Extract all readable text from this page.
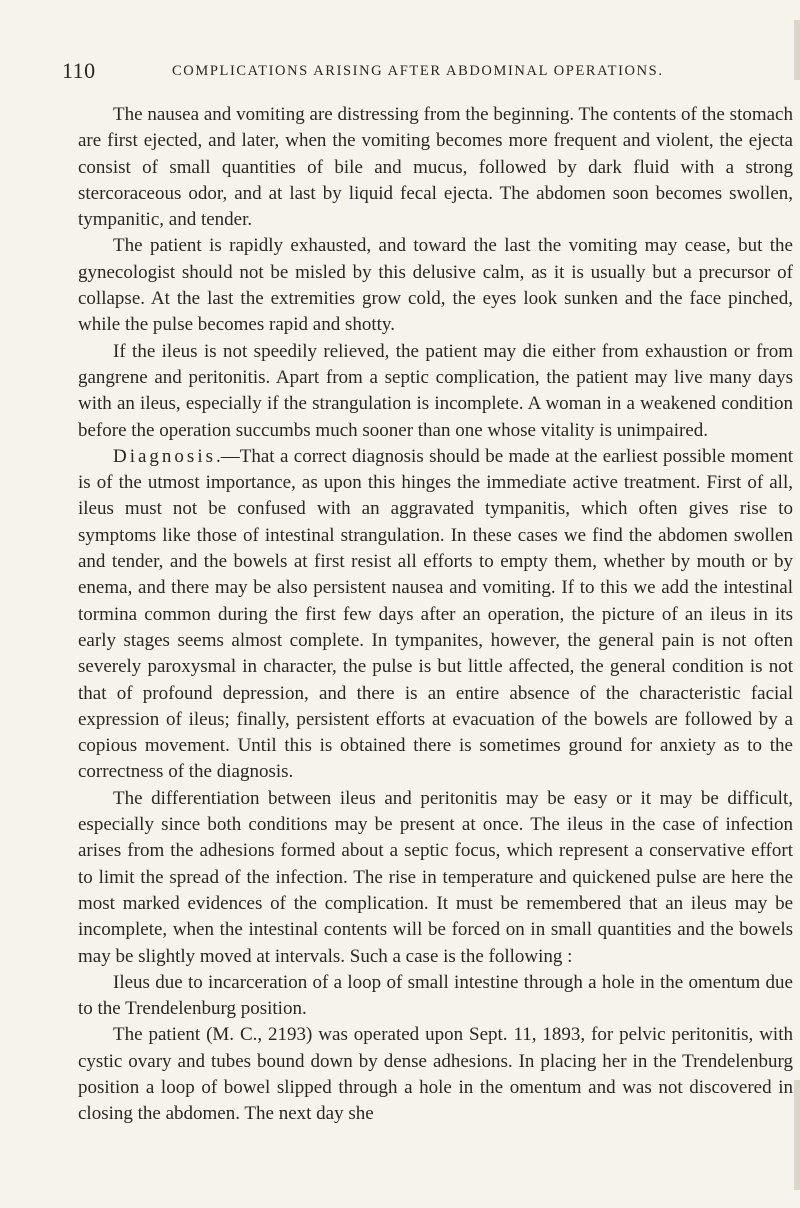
110	COMPLICATIONS ARISING AFTER ABDOMINAL OPERATIONS.

The nausea and vomiting are distressing from the beginning. The contents of the stomach are first ejected, and later, when the vomiting becomes more frequent and violent, the ejecta consist of small quantities of bile and mucus, followed by dark fluid with a strong stercoraceous odor, and at last by liquid fecal ejecta. The abdomen soon becomes swollen, tympanitic, and tender.

The patient is rapidly exhausted, and toward the last the vomiting may cease, but the gynecologist should not be misled by this delusive calm, as it is usually but a precursor of collapse. At the last the extremities grow cold, the eyes look sunken and the face pinched, while the pulse becomes rapid and shotty.

If the ileus is not speedily relieved, the patient may die either from exhaustion or from gangrene and peritonitis. Apart from a septic complication, the patient may live many days with an ileus, especially if the strangulation is incomplete. A woman in a weakened condition before the operation succumbs much sooner than one whose vitality is unimpaired.

Diagnosis.—That a correct diagnosis should be made at the earliest possible moment is of the utmost importance, as upon this hinges the immediate active treatment. First of all, ileus must not be confused with an aggravated tympanitis, which often gives rise to symptoms like those of intestinal strangulation. In these cases we find the abdomen swollen and tender, and the bowels at first resist all efforts to empty them, whether by mouth or by enema, and there may be also persistent nausea and vomiting. If to this we add the intestinal tormina common during the first few days after an operation, the picture of an ileus in its early stages seems almost complete. In tympanites, however, the general pain is not often severely paroxysmal in character, the pulse is but little affected, the general condition is not that of profound depression, and there is an entire absence of the characteristic facial expression of ileus; finally, persistent efforts at evacuation of the bowels are followed by a copious movement. Until this is obtained there is sometimes ground for anxiety as to the correctness of the diagnosis.

The differentiation between ileus and peritonitis may be easy or it may be difficult, especially since both conditions may be present at once. The ileus in the case of infection arises from the adhesions formed about a septic focus, which represent a conservative effort to limit the spread of the infection. The rise in temperature and quickened pulse are here the most marked evidences of the complication. It must be remembered that an ileus may be incomplete, when the intestinal contents will be forced on in small quantities and the bowels may be slightly moved at intervals. Such a case is the following :

Ileus due to incarceration of a loop of small intestine through a hole in the omentum due to the Trendelenburg position.

The patient (M. C., 2193) was operated upon Sept. 11, 1893, for pelvic peritonitis, with cystic ovary and tubes bound down by dense adhesions. In placing her in the Trendelenburg position a loop of bowel slipped through a hole in the omentum and was not discovered in closing the abdomen. The next day she
